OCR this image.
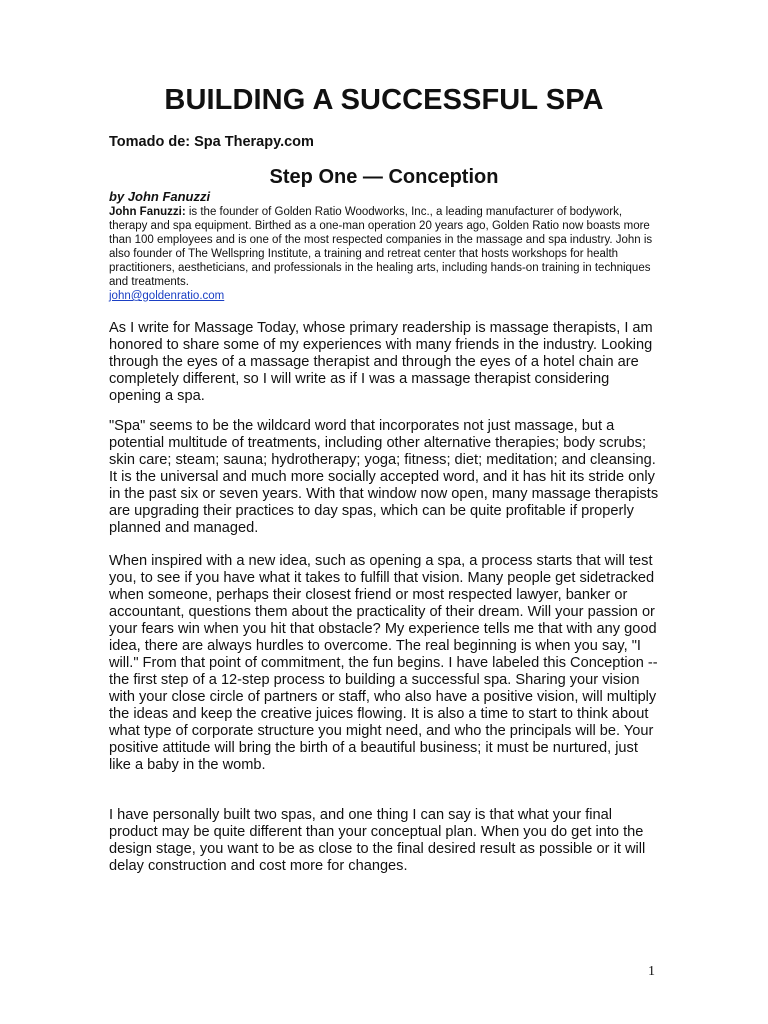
BUILDING A SUCCESSFUL SPA

Tomado de: Spa Therapy.com

Step One — Conception

by John Fanuzzi

John Fanuzzi: is the founder of Golden Ratio Woodworks, Inc., a leading manufacturer of bodywork, therapy and spa equipment. Birthed as a one-man operation 20 years ago, Golden Ratio now boasts more than 100 employees and is one of the most respected companies in the massage and spa industry. John is also founder of The Wellspring Institute, a training and retreat center that hosts workshops for health practitioners, aestheticians, and professionals in the healing arts, including hands-on training in techniques and treatments.
john@goldenratio.com

As I write for Massage Today, whose primary readership is massage therapists, I am honored to share some of my experiences with many friends in the industry. Looking through the eyes of a massage therapist and through the eyes of a hotel chain are completely different, so I will write as if I was a massage therapist considering opening a spa.

"Spa" seems to be the wildcard word that incorporates not just massage, but a potential multitude of treatments, including other alternative therapies; body scrubs; skin care; steam; sauna; hydrotherapy; yoga; fitness; diet; meditation; and cleansing. It is the universal and much more socially accepted word, and it has hit its stride only in the past six or seven years. With that window now open, many massage therapists are upgrading their practices to day spas, which can be quite profitable if properly planned and managed.

When inspired with a new idea, such as opening a spa, a process starts that will test you, to see if you have what it takes to fulfill that vision. Many people get sidetracked when someone, perhaps their closest friend or most respected lawyer, banker or accountant, questions them about the practicality of their dream. Will your passion or your fears win when you hit that obstacle? My experience tells me that with any good idea, there are always hurdles to overcome. The real beginning is when you say, "I will." From that point of commitment, the fun begins. I have labeled this Conception -- the first step of a 12-step process to building a successful spa. Sharing your vision with your close circle of partners or staff, who also have a positive vision, will multiply the ideas and keep the creative juices flowing. It is also a time to start to think about what type of corporate structure you might need, and who the principals will be. Your positive attitude will bring the birth of a beautiful business; it must be nurtured, just like a baby in the womb.

I have personally built two spas, and one thing I can say is that what your final product may be quite different than your conceptual plan. When you do get into the design stage, you want to be as close to the final desired result as possible or it will delay construction and cost more for changes.

1
